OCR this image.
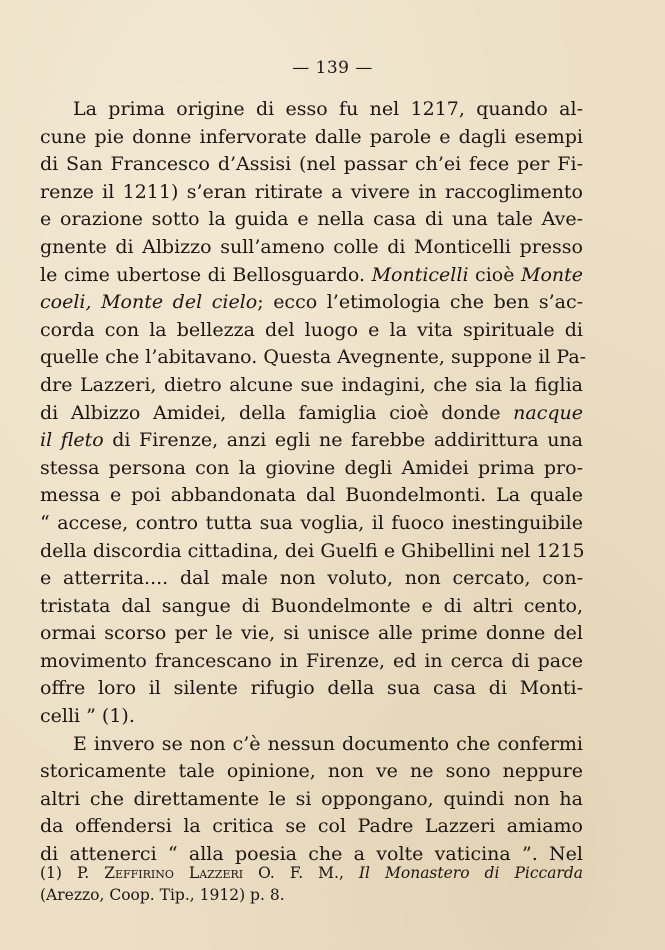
— 139 —
La prima origine di esso fu nel 1217, quando al-
cune pie donne infervorate dalle parole e dagli esempi
di San Francesco d’Assisi (nel passar ch’ei fece per Fi-
renze il 1211) s’eran ritirate a vivere in raccoglimento
e orazione sotto la guida e nella casa di una tale Ave-
gnente di Albizzo sull’ameno colle di Monticelli presso
le cime ubertose di Bellosguardo. Monticelli cioè Monte
coeli, Monte del cielo; ecco l’etimologia che ben s’ac-
corda con la bellezza del luogo e la vita spirituale di
quelle che l’abitavano. Questa Avegnente, suppone il Pa-
dre Lazzeri, dietro alcune sue indagini, che sia la figlia
di Albizzo Amidei, della famiglia cioè donde nacque
il fleto di Firenze, anzi egli ne farebbe addirittura una
stessa persona con la giovine degli Amidei prima pro-
messa e poi abbandonata dal Buondelmonti. La quale
“ accese, contro tutta sua voglia, il fuoco inestinguibile
della discordia cittadina, dei Guelfi e Ghibellini nel 1215
e atterrita.... dal male non voluto, non cercato, con-
tristata dal sangue di Buondelmonte e di altri cento,
ormai scorso per le vie, si unisce alle prime donne del
movimento francescano in Firenze, ed in cerca di pace
offre loro il silente rifugio della sua casa di Monti-
celli ” (1).
E invero se non c’è nessun documento che confermi
storicamente tale opinione, non ve ne sono neppure
altri che direttamente le si oppongano, quindi non ha
da offendersi la critica se col Padre Lazzeri amiamo
di attenerci “ alla poesia che a volte vaticina ”. Nel
(1) P. Zeffirino Lazzeri O. F. M., Il Monastero di Piccarda
(Arezzo, Coop. Tip., 1912) p. 8.
